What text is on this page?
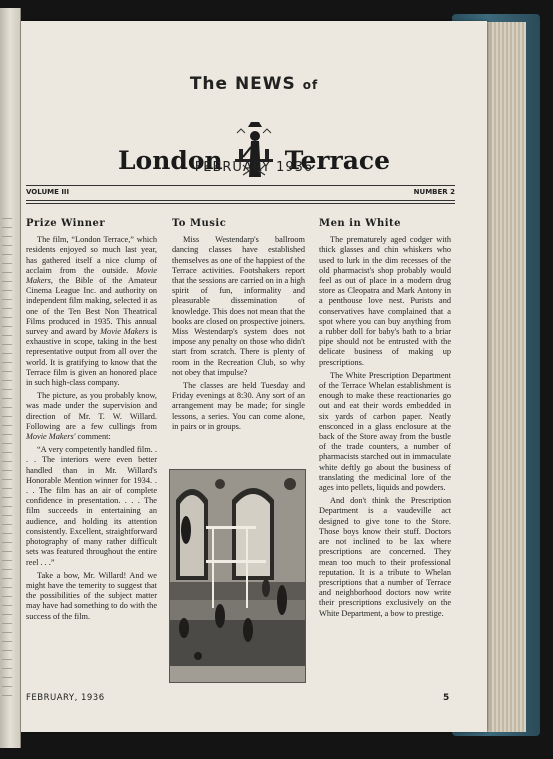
The NEWS of
London Terrace
FEBRUARY 1936
VOLUME III	NUMBER 2
Prize Winner

The film, “London Terrace,” which residents enjoyed so much last year, has gathered itself a nice clump of acclaim from the outside. Movie Makers, the Bible of the Amateur Cinema League Inc. and authority on independent film making, selected it as one of the Ten Best Non Theatrical Films produced in 1935. This annual survey and award by Movie Makers is exhaustive in scope, taking in the best representative output from all over the world. It is gratifying to know that the Terrace film is given an honored place in such high-class company.

The picture, as you probably know, was made under the supervision and direction of Mr. T. W. Willard. Following are a few cullings from Movie Makers' comment:

“A very competently handled film. . . . The interiors were even better handled than in Mr. Willard's Honorable Mention winner for 1934. . . . The film has an air of complete confidence in presentation. . . . The film succeeds in entertaining an audience, and holding its attention consistently. Excellent, straightforward photography of many rather difficult sets was featured throughout the entire reel . . .”

Take a bow, Mr. Willard! And we might have the temerity to suggest that the possibilities of the subject matter may have had something to do with the success of the film.

To Music

Miss Westendarp's ballroom dancing classes have established themselves as one of the happiest of the Terrace activities. Footshakers report that the sessions are carried on in a high spirit of fun, informality and pleasurable dissemination of knowledge. This does not mean that the books are closed on prospective joiners. Miss Westendarp's system does not impose any penalty on those who didn't start from scratch. There is plenty of room in the Recreation Club, so why not obey that impulse?

The classes are held Tuesday and Friday evenings at 8:30. Any sort of an arrangement may be made; for single lessons, a series. You can come alone, in pairs or in groups.

Men in White

The prematurely aged codger with thick glasses and chin whiskers who used to lurk in the dim recesses of the old pharmacist's shop probably would feel as out of place in a modern drug store as Cleopatra and Mark Antony in a penthouse love nest. Purists and conservatives have complained that a spot where you can buy anything from a rubber doll for baby's bath to a briar pipe should not be entrusted with the delicate business of making up prescriptions.

The White Prescription Department of the Terrace Whelan establishment is enough to make these reactionaries go out and eat their words embedded in six yards of carbon paper. Neatly ensconced in a glass enclosure at the back of the Store away from the bustle of the trade counters, a number of pharmacists starched out in immaculate white deftly go about the business of translating the medicinal lore of the ages into pellets, liquids and powders.

And don't think the Prescription Department is a vaudeville act designed to give tone to the Store. Those boys know their stuff. Doctors are not inclined to be lax where prescriptions are concerned. They mean too much to their professional reputation. It is a tribute to Whelan prescriptions that a number of Terrace and neighborhood doctors now write their prescriptions exclusively on the White Department, a bow to prestige.

FEBRUARY, 1936	5
